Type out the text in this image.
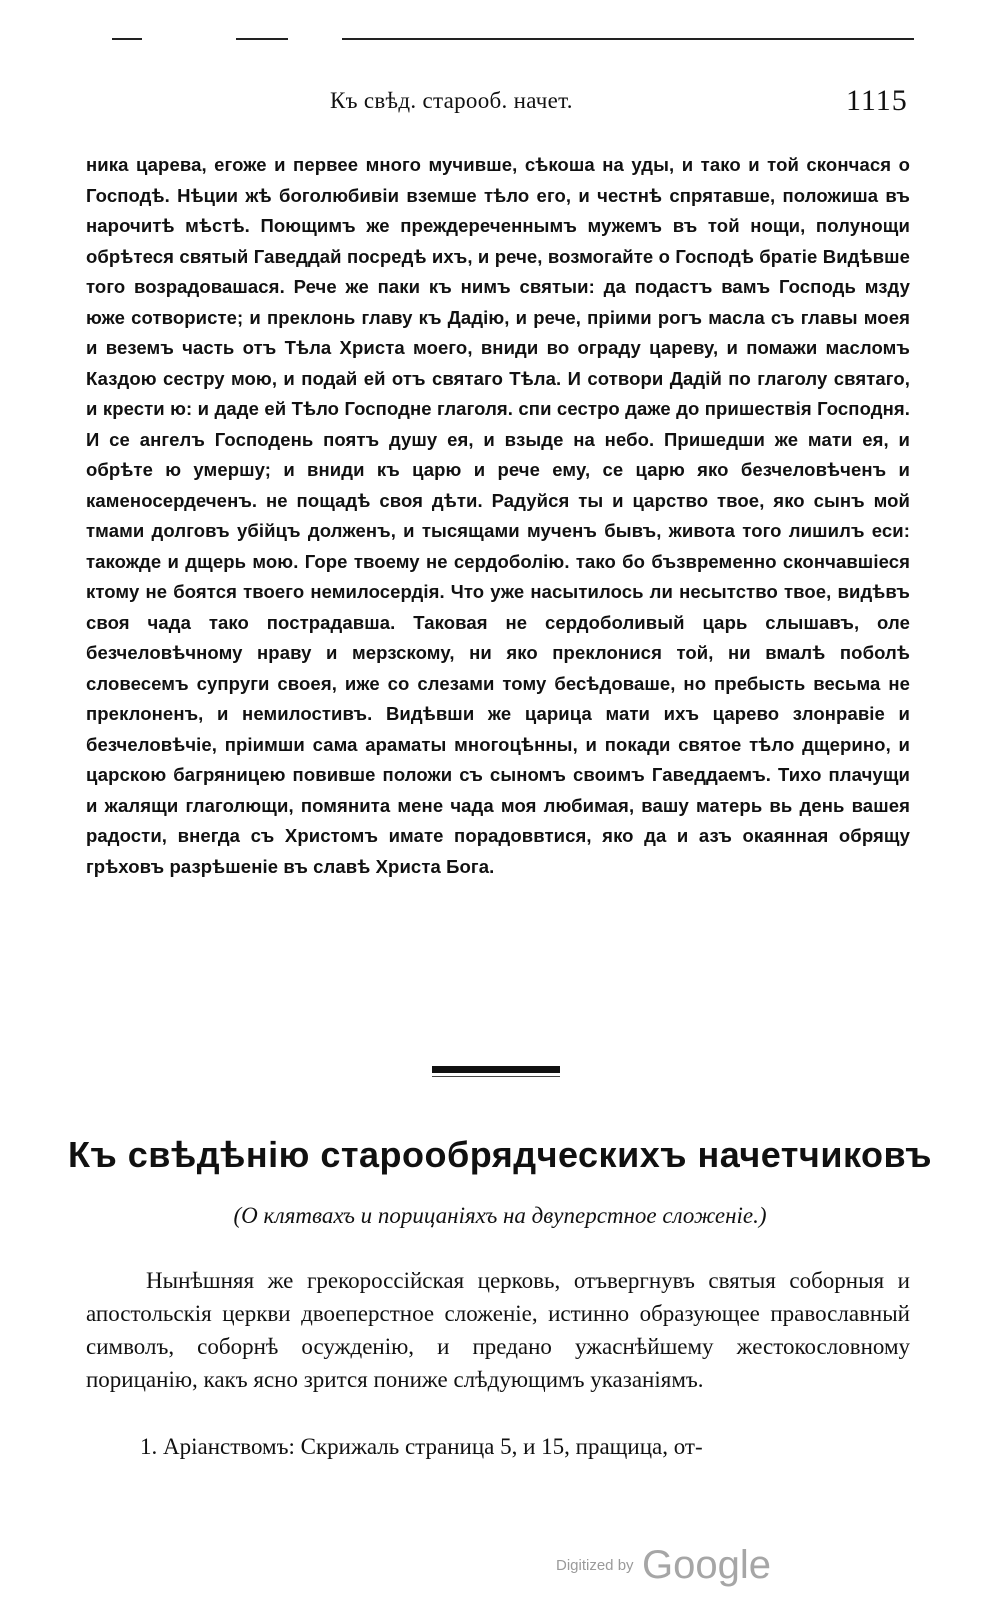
Къ свѣд. старооб. начет.	1115
ника царева, егоже и первее много мучивше, сѣкоша на уды, и тако и той скончася о Господѣ. Нѣции жѣ боголюбивіи вземше тѣло его, и честнѣ спрятавше, положиша въ нарочитѣ мѣстѣ. Поющимъ же преждереченнымъ мужемъ въ той нощи, полунощи обрѣтеся святый Гаведдай посредѣ ихъ, и рече, возмогайте о Господѣ братіе Видѣвше того возрадовашася. Рече же паки къ нимъ святыи: да подастъ вамъ Господь мзду юже сотвористе; и преклонь главу къ Дадію, и рече, пріими рогъ масла съ главы моея и веземъ часть отъ Тѣла Христа моего, вниди во ограду цареву, и помажи масломъ Каздою сестру мою, и подай ей отъ святаго Тѣла. И сотвори Дадій по глаголу святаго, и крести ю: и даде ей Тѣло Господне глаголя. спи сестро даже до пришествія Господня. И се ангелъ Господень поятъ душу ея, и взыде на небо. Пришедши же мати ея, и обрѣте ю умершу; и вниди къ царю и рече ему, се царю яко безчеловѣченъ и каменосердеченъ. не пощадѣ своя дѣти. Радуйся ты и царство твое, яко сынъ мой тмами долговъ убійцъ долженъ, и тысящами мученъ бывъ, живота того лишилъ еси: такожде и дщерь мою. Горе твоему не сердоболію. тако бо бъзвременно скончавшіеся ктому не боятся твоего немилосердія. Что уже насытилось ли несытство твое, видѣвъ своя чада тако пострадавша. Таковая не сердоболивый царь слышавъ, оле безчеловѣчному нраву и мерзскому, ни яко преклонися той, ни вмалѣ поболѣ словесемъ супруги своея, иже со слезами тому бесѣдоваше, но пребысть весьма не преклоненъ, и немилостивъ. Видѣвши же царица мати ихъ царево злонравіе и безчеловѣчіе, пріимши сама араматы многоцѣнны, и покади святое тѣло дщерино, и царскою багряницею повивше положи съ сыномъ своимъ Гаведдаемъ. Тихо плачущи и жалящи глаголющи, помянита мене чада моя любимая, вашу матерь вь день вашея радости, внегда съ Христомъ имате порадоввтися, яко да и азъ окаянная обрящу грѣховъ разрѣшеніе въ славѣ Христа Бога.
Къ свѣдѣнію старообрядческихъ начетчиковъ
(О клятвахъ и порицаніяхъ на двуперстное сложеніе.)
Нынѣшняя же грекороссійская церковь, отъвергнувъ святыя соборныя и апостольскія церкви двоеперстное сложеніе, истинно образующее православный символъ, соборнѣ осужденію, и предано ужаснѣйшему жестокословному порицанію, какъ ясно зрится пониже слѣдующимъ указаніямъ.
1. Аріанствомъ: Скрижаль страница 5, и 15, пращица, от-
Digitized by Google
